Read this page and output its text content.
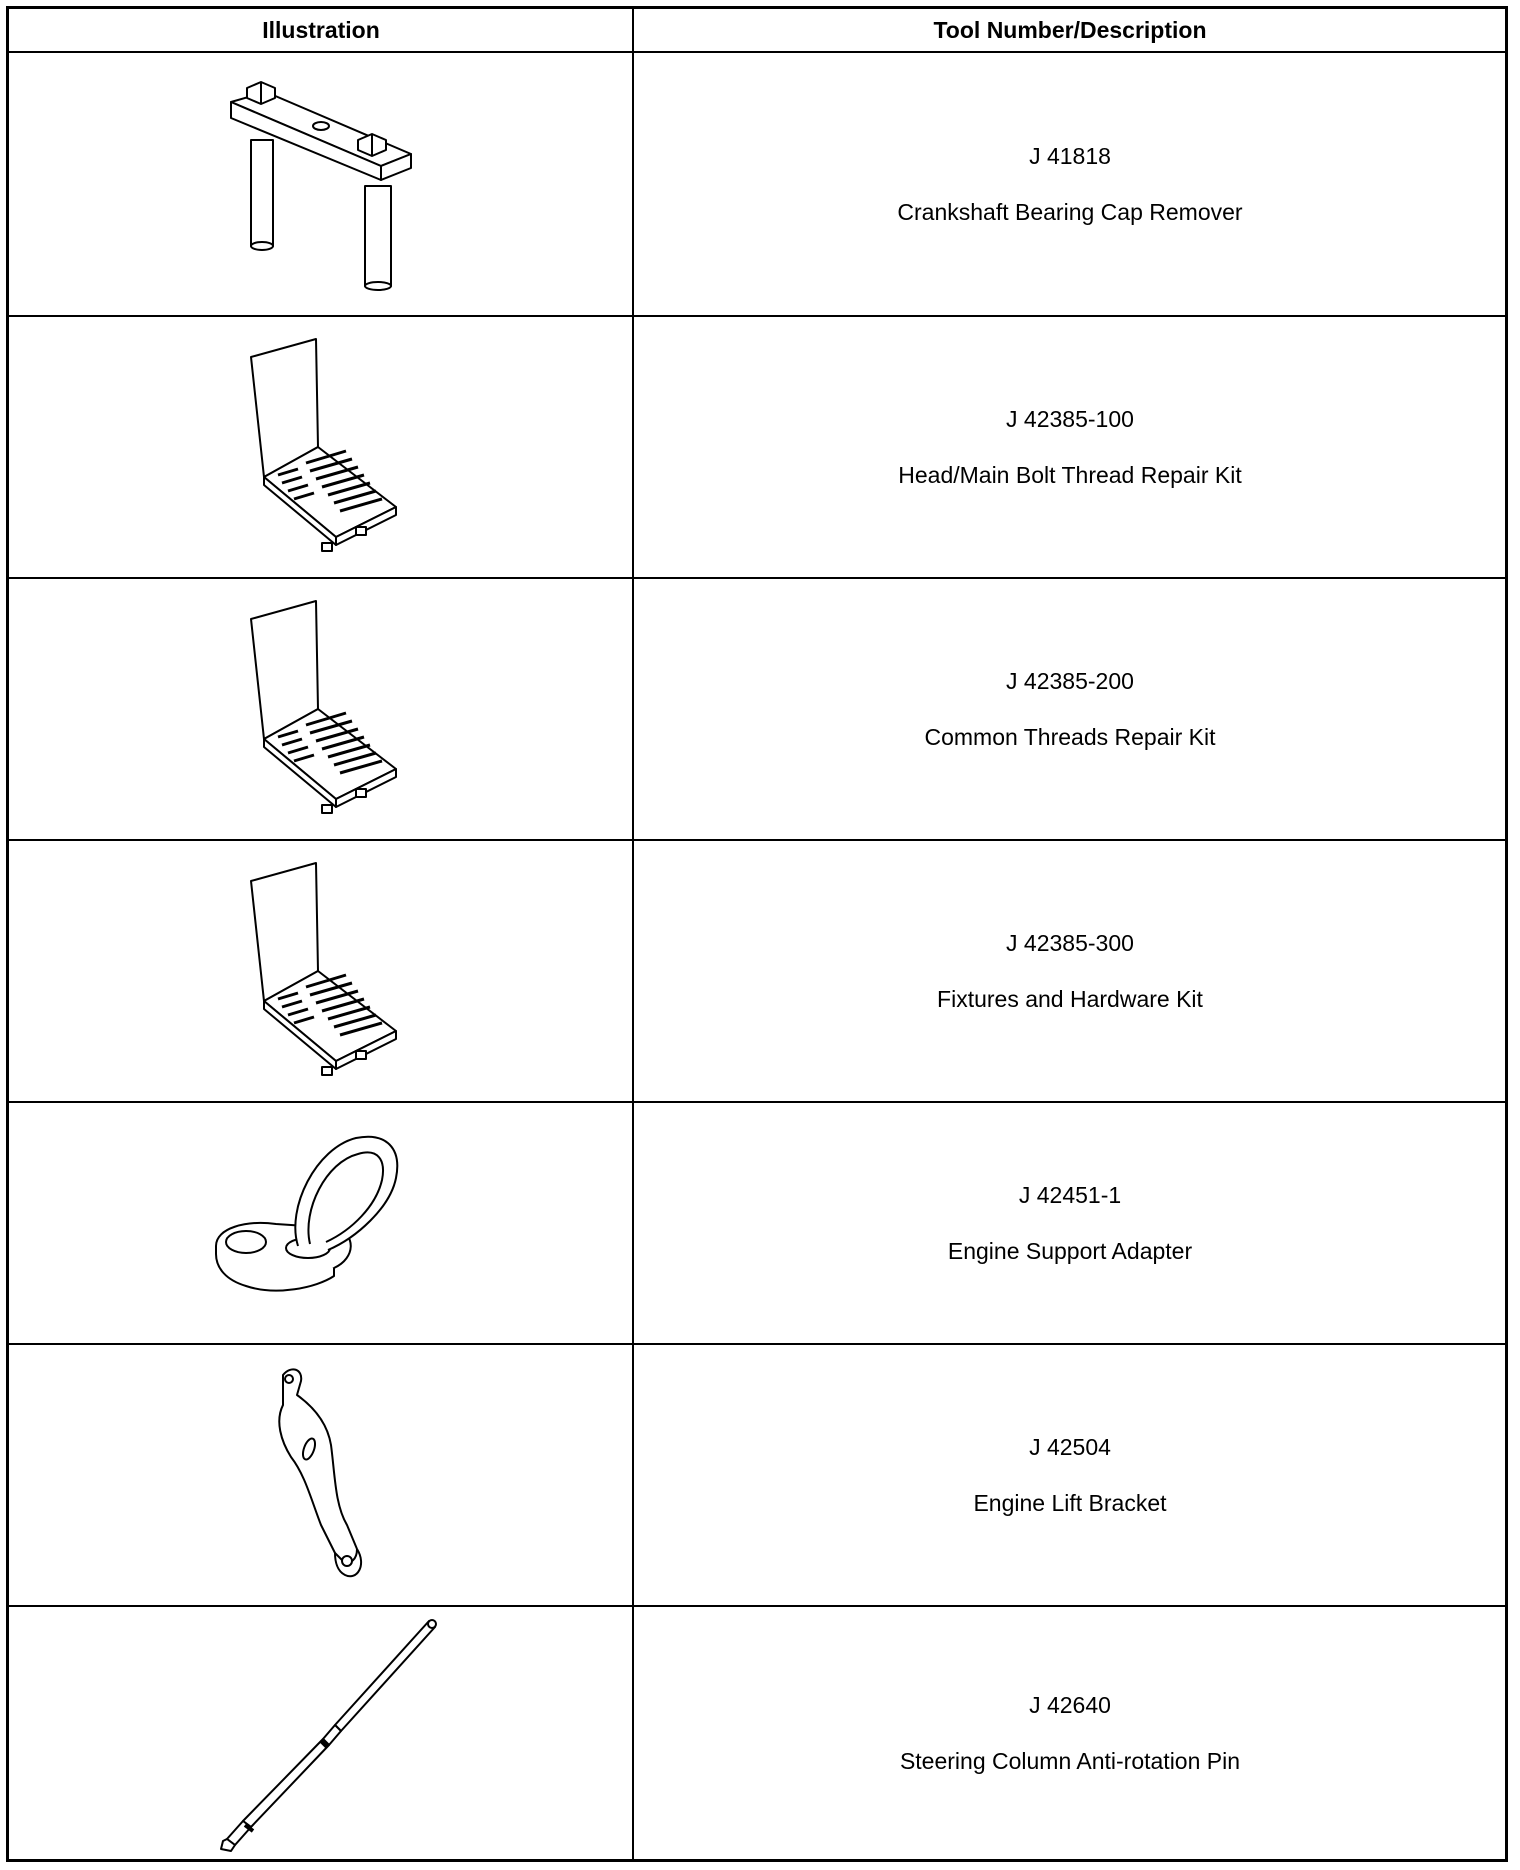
Illustration	Tool Number/Description
J 41818
Crankshaft Bearing Cap Remover
J 42385-100
Head/Main Bolt Thread Repair Kit
J 42385-200
Common Threads Repair Kit
J 42385-300
Fixtures and Hardware Kit
J 42451-1
Engine Support Adapter
J 42504
Engine Lift Bracket
J 42640
Steering Column Anti-rotation Pin
